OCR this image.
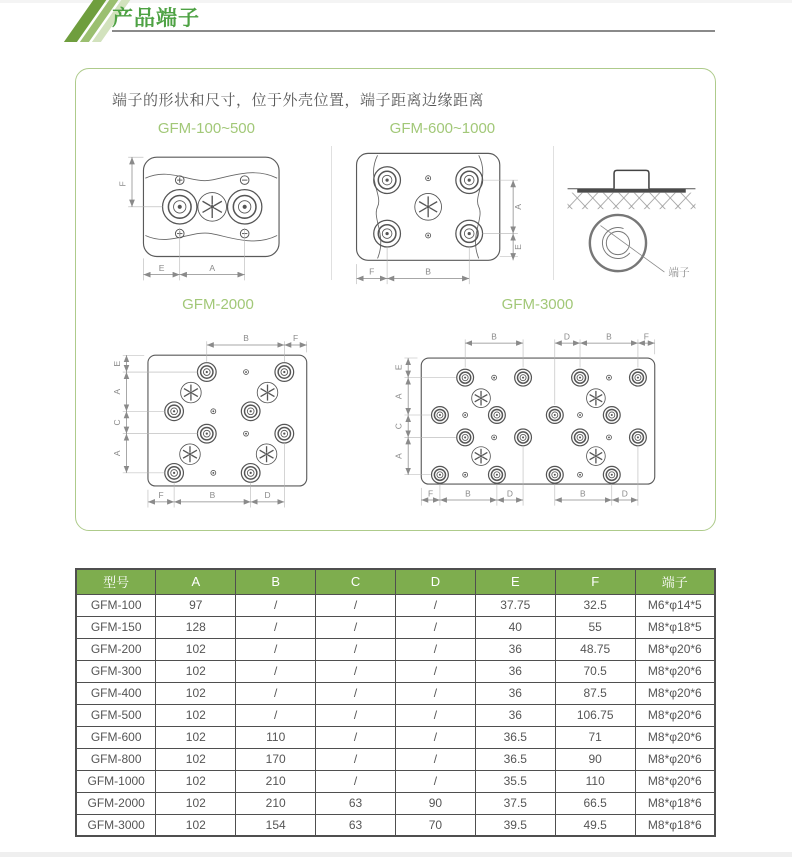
产品端子

端子的形状和尺寸，位于外壳位置，端子距离边缘距离

GFM-100~500
F
E	A
GFM-600~1000
A
E
F	B	端子
GFM-2000
B	F
E
A
C
A
F	B	D
GFM-3000
B	D	B	F
E
A
C
A
F	B	D	B	D
型号	A	B	C	D	E	F	端子
GFM-100	97	/	/	/	37.75	32.5	M6*φ14*5
GFM-150	128	/	/	/	40	55	M8*φ18*5
GFM-200	102	/	/	/	36	48.75	M8*φ20*6
GFM-300	102	/	/	/	36	70.5	M8*φ20*6
GFM-400	102	/	/	/	36	87.5	M8*φ20*6
GFM-500	102	/	/	/	36	106.75	M8*φ20*6
GFM-600	102	110	/	/	36.5	71	M8*φ20*6
GFM-800	102	170	/	/	36.5	90	M8*φ20*6
GFM-1000	102	210	/	/	35.5	110	M8*φ20*6
GFM-2000	102	210	63	90	37.5	66.5	M8*φ18*6
GFM-3000	102	154	63	70	39.5	49.5	M8*φ18*6
